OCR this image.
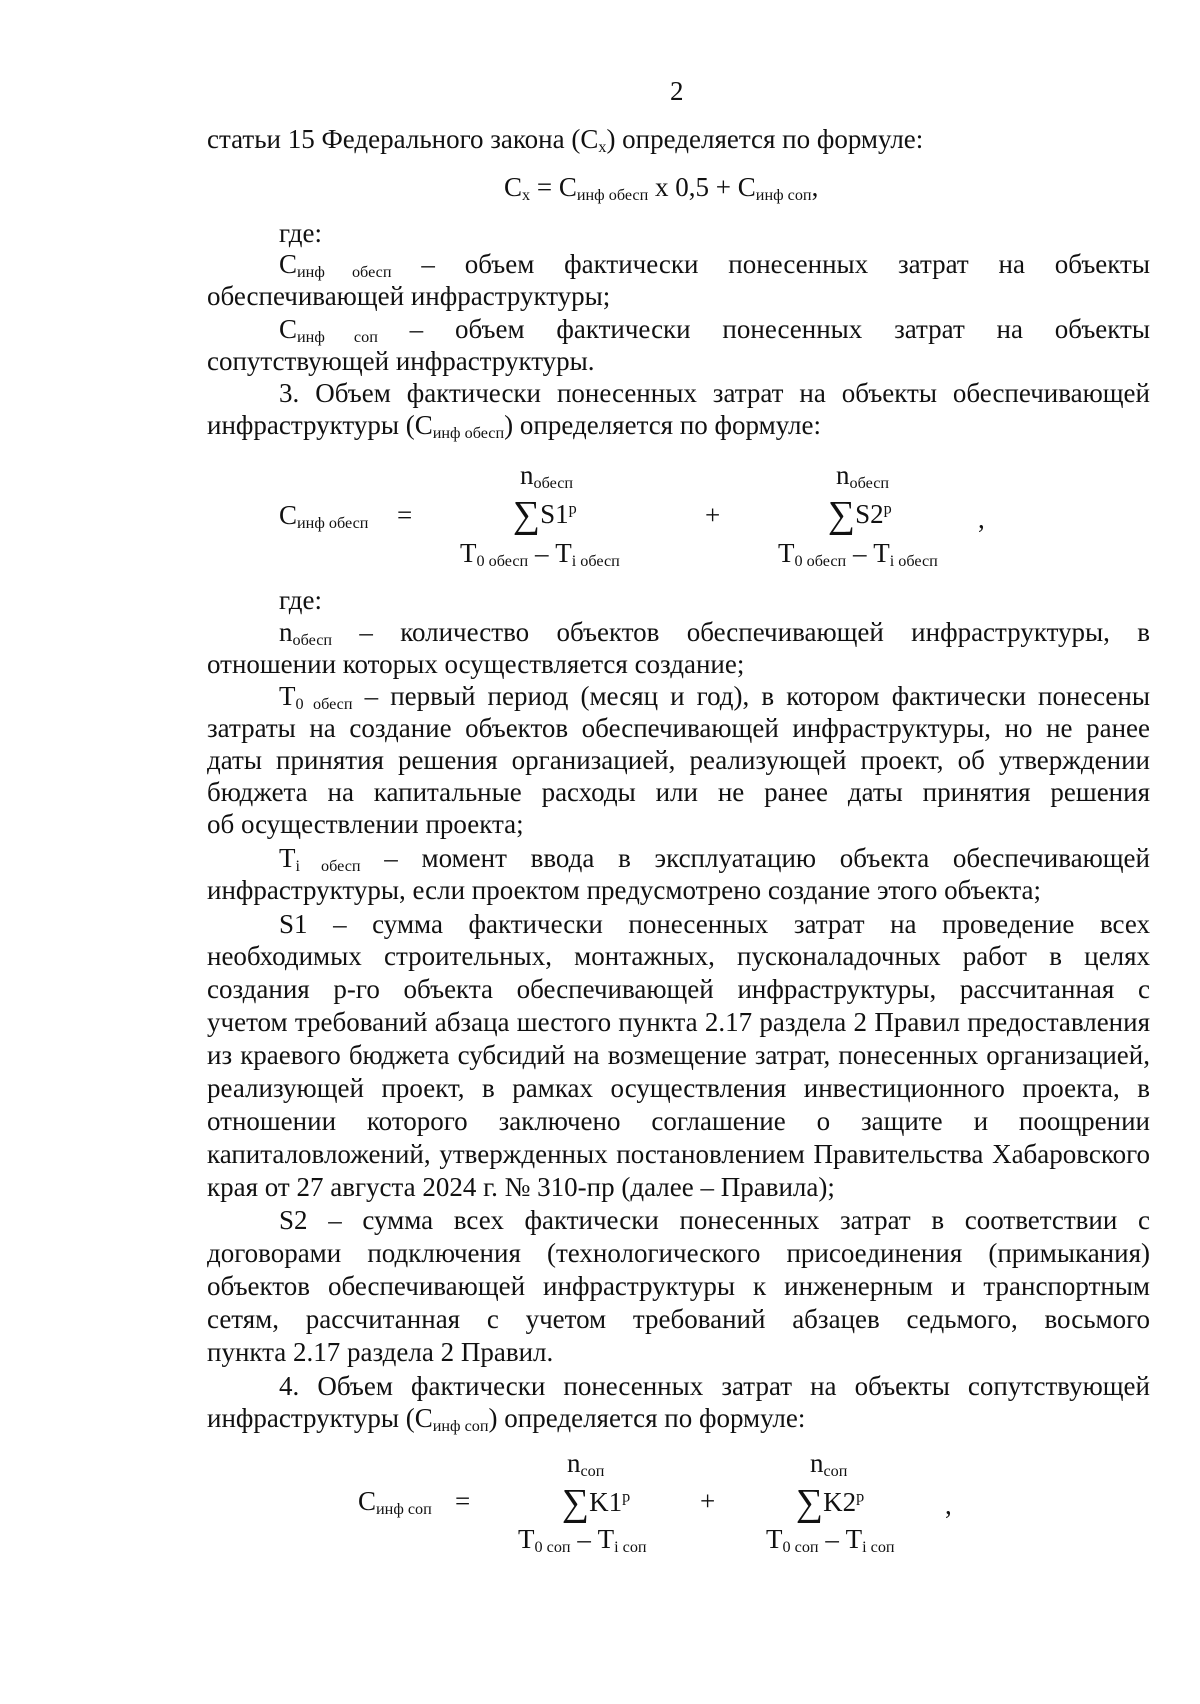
2
статьи 15 Федерального закона $(C_x)$ определяется по формуле:
$C_x = C_{инф обесп}$ x $0,5 + C_{инф соп}$,
где:
$C_{инф обесп}$ – объем фактически понесенных затрат на объекты
обеспечивающей инфраструктуры;
$C_{инф соп}$ – объем фактически понесенных затрат на объекты
сопутствующей инфраструктуры.
3. Объем фактически понесенных затрат на объекты обеспечивающей
инфраструктуры $(C_{инф обесп})$ определяется по формуле:
$C_{инф обесп}$ =
$n_{обесп}$
∑S1$^p$
$T_{0 обесп} - T_{i обесп}$
+
$n_{обесп}$
∑S2$^p$
$T_{0 обесп} - T_{i обесп}$
,
где:
$n_{обесп}$ – количество объектов обеспечивающей инфраструктуры, в
отношении которых осуществляется создание;
$T_{0 обесп}$ – первый период (месяц и год), в котором фактически понесены
затраты на создание объектов обеспечивающей инфраструктуры, но не ранее
даты принятия решения организацией, реализующей проект, об утверждении
бюджета на капитальные расходы или не ранее даты принятия решения
об осуществлении проекта;
$T_{i обесп}$ – момент ввода в эксплуатацию объекта обеспечивающей
инфраструктуры, если проектом предусмотрено создание этого объекта;
S1 – сумма фактически понесенных затрат на проведение всех
необходимых строительных, монтажных, пусконаладочных работ в целях
создания p-го объекта обеспечивающей инфраструктуры, рассчитанная с
учетом требований абзаца шестого пункта 2.17 раздела 2 Правил предоставления
из краевого бюджета субсидий на возмещение затрат, понесенных организацией,
реализующей проект, в рамках осуществления инвестиционного проекта, в
отношении которого заключено соглашение о защите и поощрении
капиталовложений, утвержденных постановлением Правительства Хабаровского
края от 27 августа 2024 г. № 310-пр (далее – Правила);
S2 – сумма всех фактически понесенных затрат в соответствии с
договорами подключения (технологического присоединения (примыкания)
объектов обеспечивающей инфраструктуры к инженерным и транспортным
сетям, рассчитанная с учетом требований абзацев седьмого, восьмого
пункта 2.17 раздела 2 Правил.
4. Объем фактически понесенных затрат на объекты сопутствующей
инфраструктуры $(C_{инф соп})$ определяется по формуле:
$C_{инф соп}$ =
$n_{соп}$
∑K1$^p$
$T_{0 соп} - T_{i соп}$
+
$n_{соп}$
∑K2$^p$
$T_{0 соп} - T_{i соп}$
,
